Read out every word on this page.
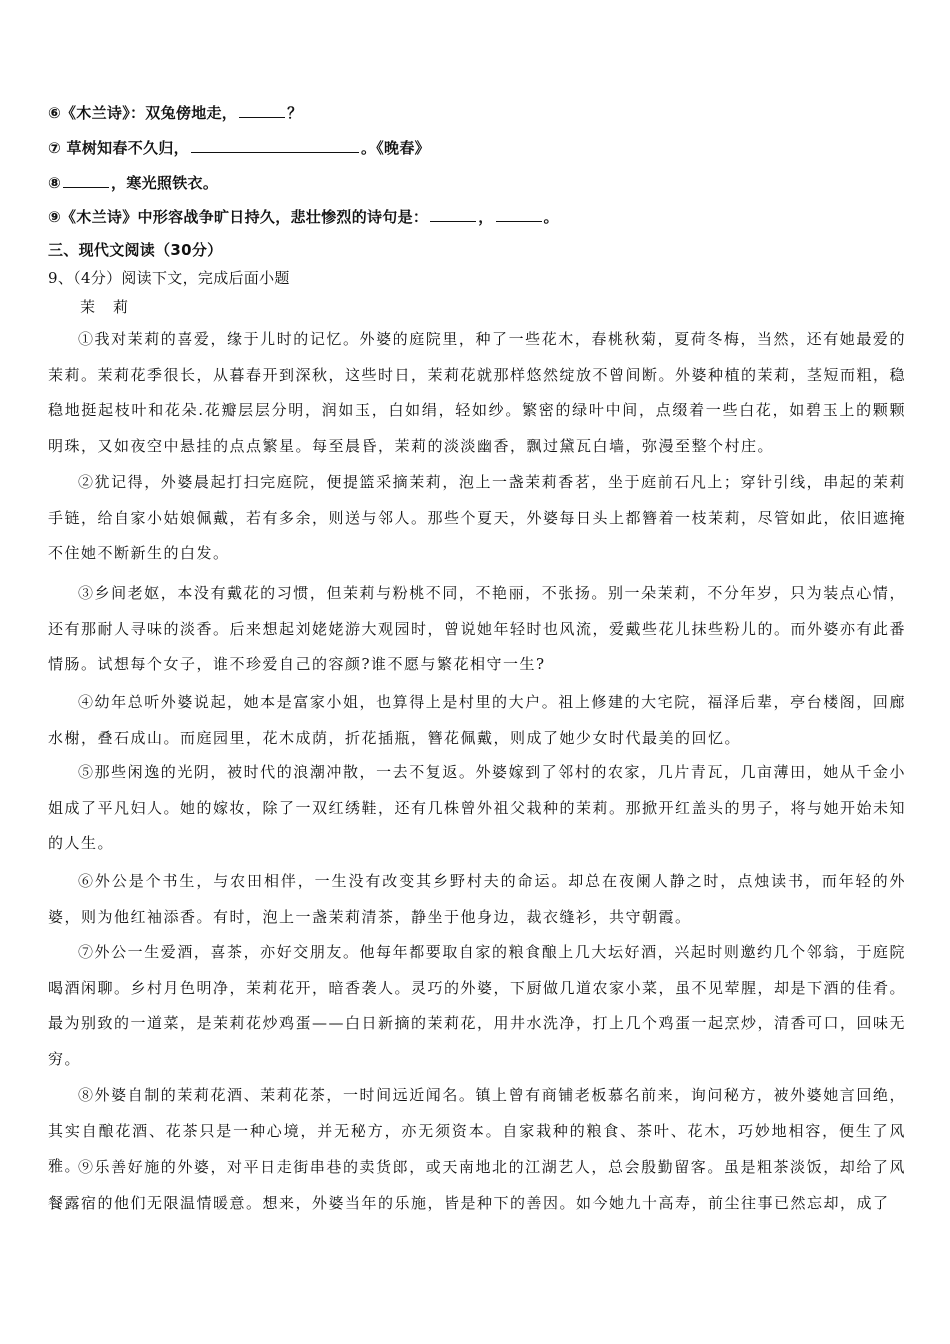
⑥《木兰诗》：双兔傍地走，	？
⑦ 草树知春不久归，	。《晚春》
⑧	，寒光照铁衣。
⑨《木兰诗》中形容战争旷日持久，悲壮惨烈的诗句是：	，	。
三、现代文阅读（30分）
9、（4分）阅读下文，完成后面小题
茉莉
①我对茉莉的喜爱，缘于儿时的记忆。外婆的庭院里，种了一些花木，春桃秋菊，夏荷冬梅，当然，还有她最爱的茉莉。茉莉花季很长，从暮春开到深秋，这些时日，茉莉花就那样悠然绽放不曾间断。外婆种植的茉莉，茎短而粗，稳稳地挺起枝叶和花朵.花瓣层层分明，润如玉，白如绢，轻如纱。繁密的绿叶中间，点缀着一些白花，如碧玉上的颗颗明珠，又如夜空中悬挂的点点繁星。每至晨昏，茉莉的淡淡幽香，飘过黛瓦白墙，弥漫至整个村庄。
②犹记得，外婆晨起打扫完庭院，便提篮采摘茉莉，泡上一盏茉莉香茗，坐于庭前石凡上；穿针引线，串起的茉莉手链，给自家小姑娘佩戴，若有多余，则送与邻人。那些个夏天，外婆每日头上都簪着一枝茉莉，尽管如此，依旧遮掩不住她不断新生的白发。
③乡间老妪，本没有戴花的习惯，但茉莉与粉桃不同，不艳丽，不张扬。别一朵茉莉，不分年岁，只为装点心情，还有那耐人寻味的淡香。后来想起刘姥姥游大观园时，曾说她年轻时也风流，爱戴些花儿抹些粉儿的。而外婆亦有此番情肠。试想每个女子，谁不珍爱自己的容颜?谁不愿与繁花相守一生?
④幼年总听外婆说起，她本是富家小姐，也算得上是村里的大户。祖上修建的大宅院，福泽后辈，亭台楼阁，回廊水榭，叠石成山。而庭园里，花木成荫，折花插瓶，簪花佩戴，则成了她少女时代最美的回忆。
⑤那些闲逸的光阴，被时代的浪潮冲散，一去不复返。外婆嫁到了邻村的农家，几片青瓦，几亩薄田，她从千金小姐成了平凡妇人。她的嫁妆，除了一双红绣鞋，还有几株曾外祖父栽种的茉莉。那掀开红盖头的男子，将与她开始未知的人生。
⑥外公是个书生，与农田相伴，一生没有改变其乡野村夫的命运。却总在夜阑人静之时，点烛读书，而年轻的外婆，则为他红袖添香。有时，泡上一盏茉莉清茶，静坐于他身边，裁衣缝衫，共守朝霞。
⑦外公一生爱酒，喜茶，亦好交朋友。他每年都要取自家的粮食酿上几大坛好酒，兴起时则邀约几个邻翁，于庭院喝酒闲聊。乡村月色明净，茉莉花开，暗香袭人。灵巧的外婆，下厨做几道农家小菜，虽不见荤腥，却是下酒的佳肴。最为别致的一道菜，是茉莉花炒鸡蛋——白日新摘的茉莉花，用井水洗净，打上几个鸡蛋一起烹炒，清香可口，回味无穷。
⑧外婆自制的茉莉花酒、茉莉花茶，一时间远近闻名。镇上曾有商铺老板慕名前来，询问秘方，被外婆她言回绝，其实自酿花酒、花茶只是一种心境，并无秘方，亦无须资本。自家栽种的粮食、茶叶、花木，巧妙地相容，便生了风雅。
⑨乐善好施的外婆，对平日走街串巷的卖货郎，或天南地北的江湖艺人，总会殷勤留客。虽是粗茶淡饭，却给了风餐露宿的他们无限温情暖意。想来，外婆当年的乐施，皆是种下的善因。如今她九十高寿，前尘往事已然忘却，成了
